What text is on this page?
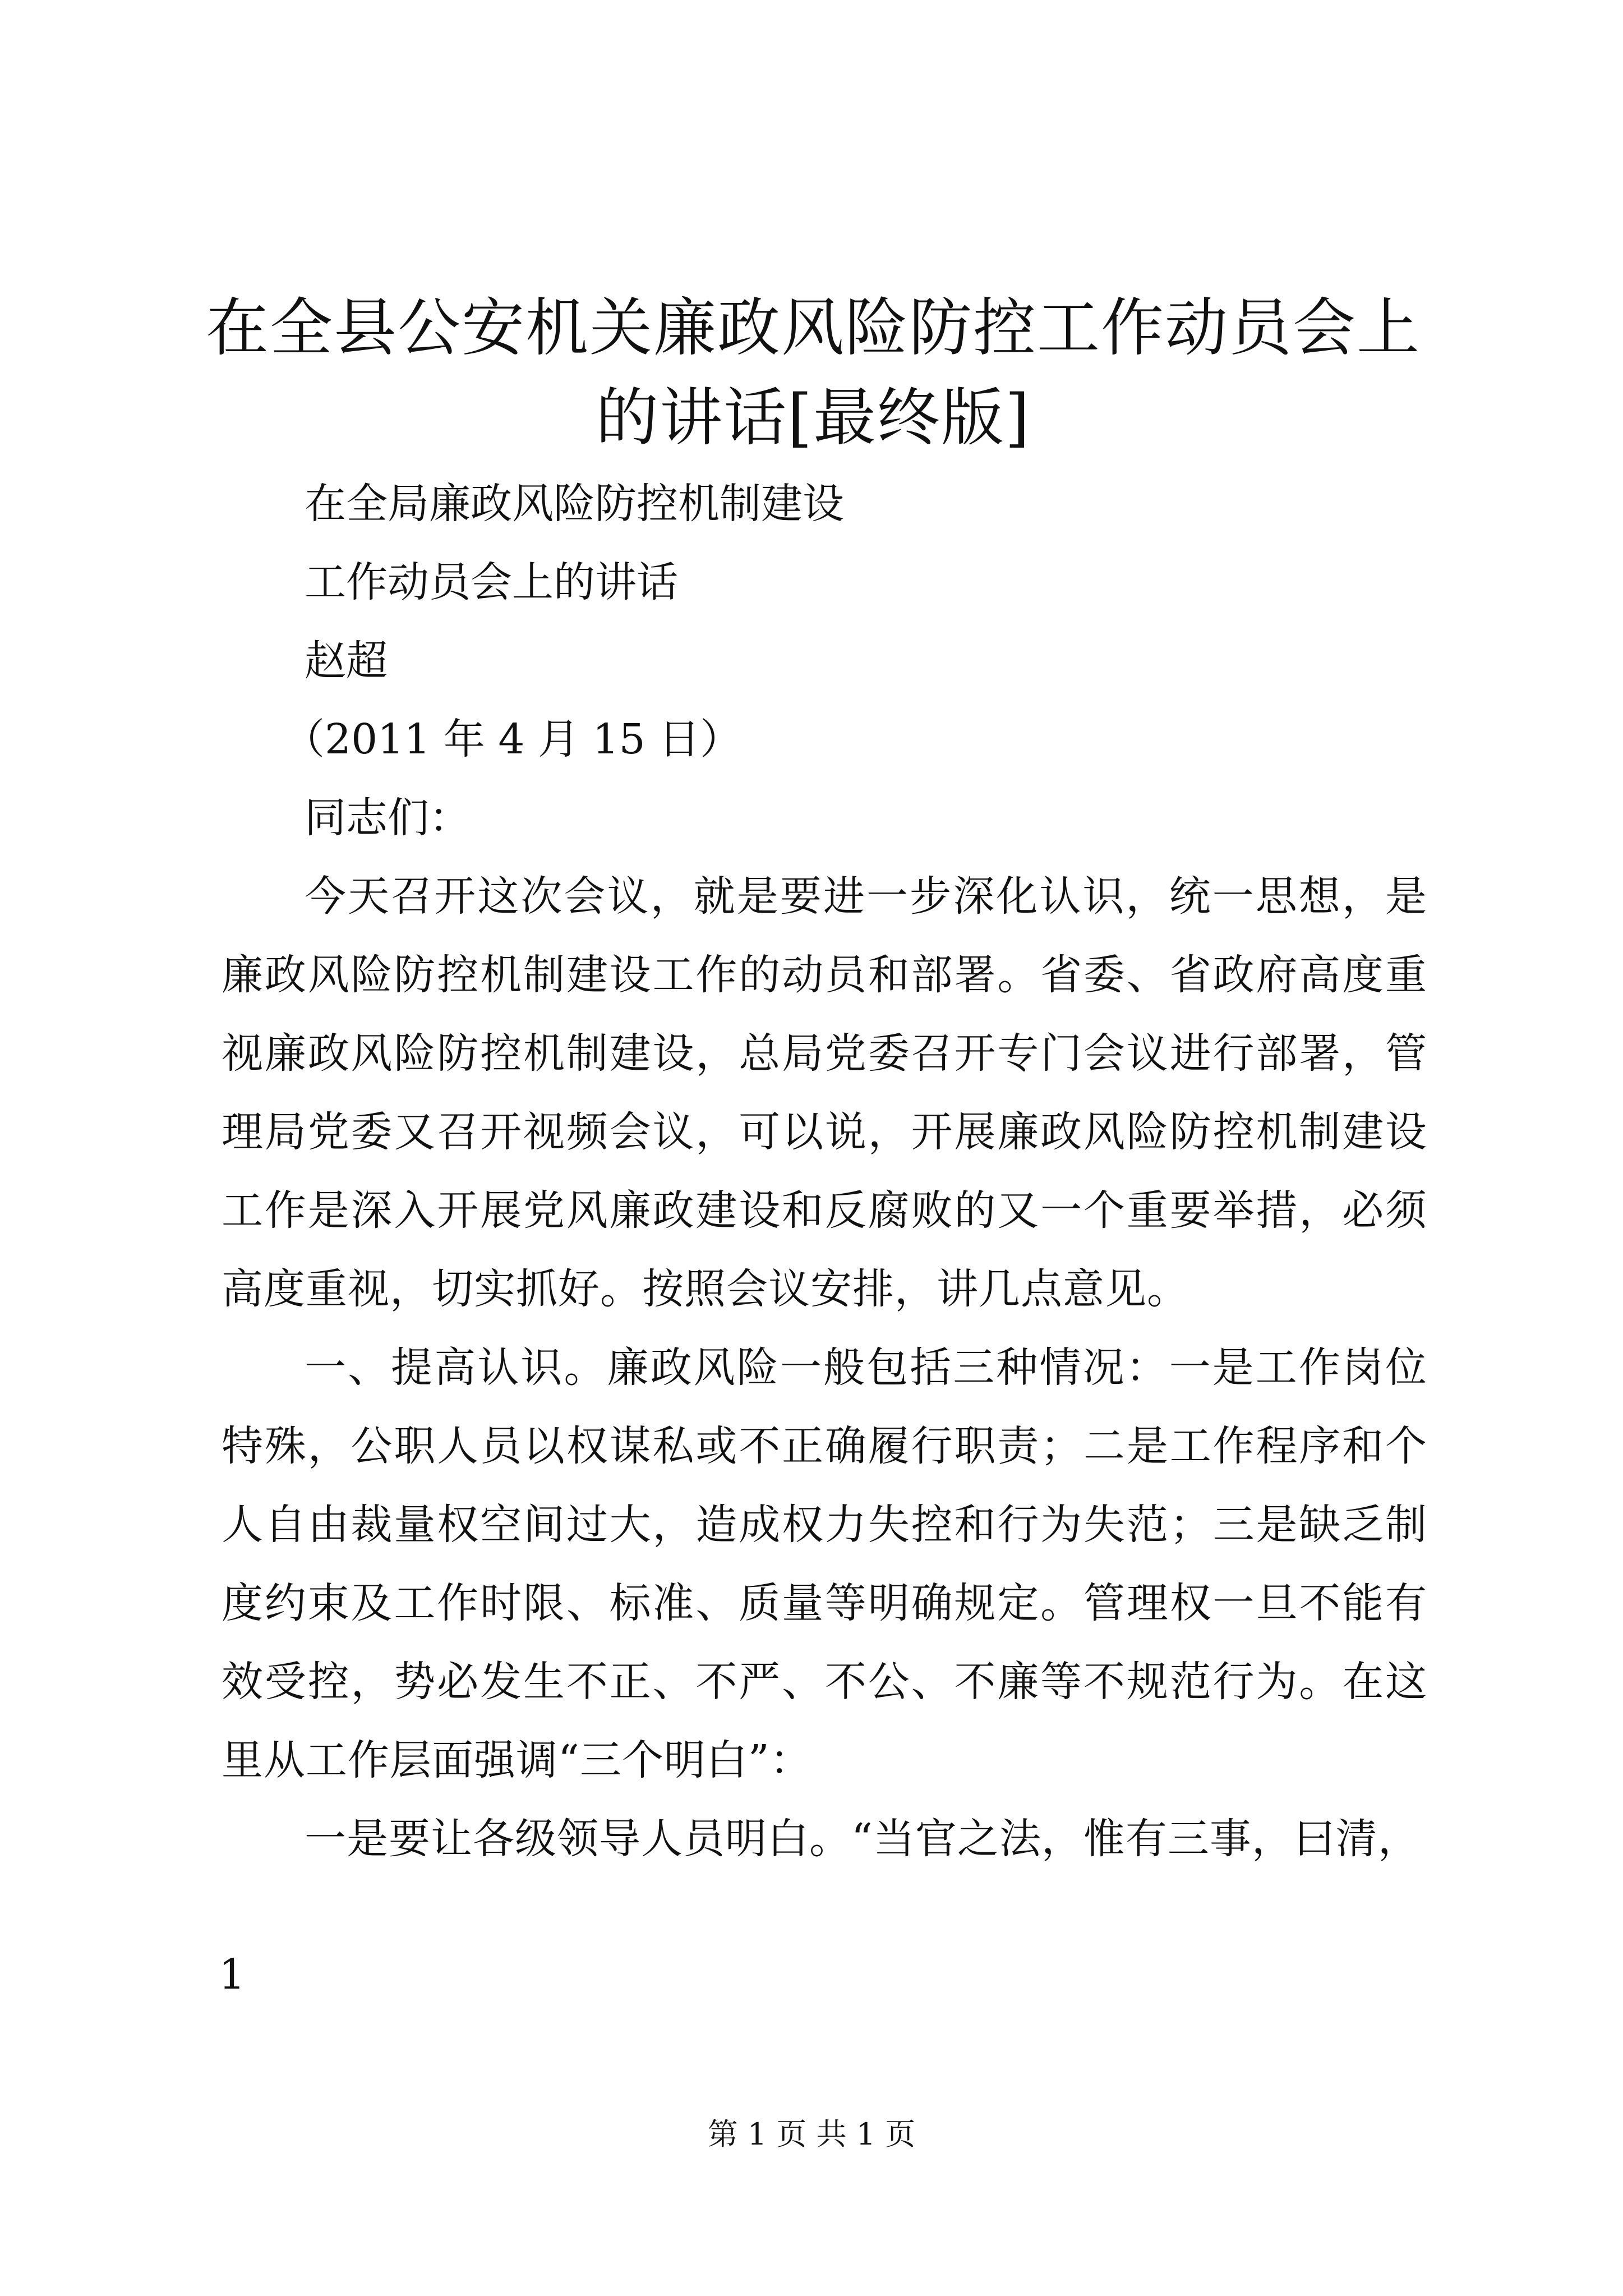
在全县公安机关廉政风险防控工作动员会上的讲话[最终版]

在全局廉政风险防控机制建设

工作动员会上的讲话

赵超

（2011 年 4 月 15 日）

同志们：

今天召开这次会议，就是要进一步深化认识，统一思想，是廉政风险防控机制建设工作的动员和部署。省委、省政府高度重视廉政风险防控机制建设，总局党委召开专门会议进行部署，管理局党委又召开视频会议，可以说，开展廉政风险防控机制建设工作是深入开展党风廉政建设和反腐败的又一个重要举措，必须高度重视，切实抓好。按照会议安排，讲几点意见。

一、提高认识。廉政风险一般包括三种情况：一是工作岗位特殊，公职人员以权谋私或不正确履行职责；二是工作程序和个人自由裁量权空间过大，造成权力失控和行为失范；三是缺乏制度约束及工作时限、标准、质量等明确规定。管理权一旦不能有效受控，势必发生不正、不严、不公、不廉等不规范行为。在这里从工作层面强调“三个明白”：

一是要让各级领导人员明白。“当官之法，惟有三事，曰清，

1

第 1 页 共 1 页
